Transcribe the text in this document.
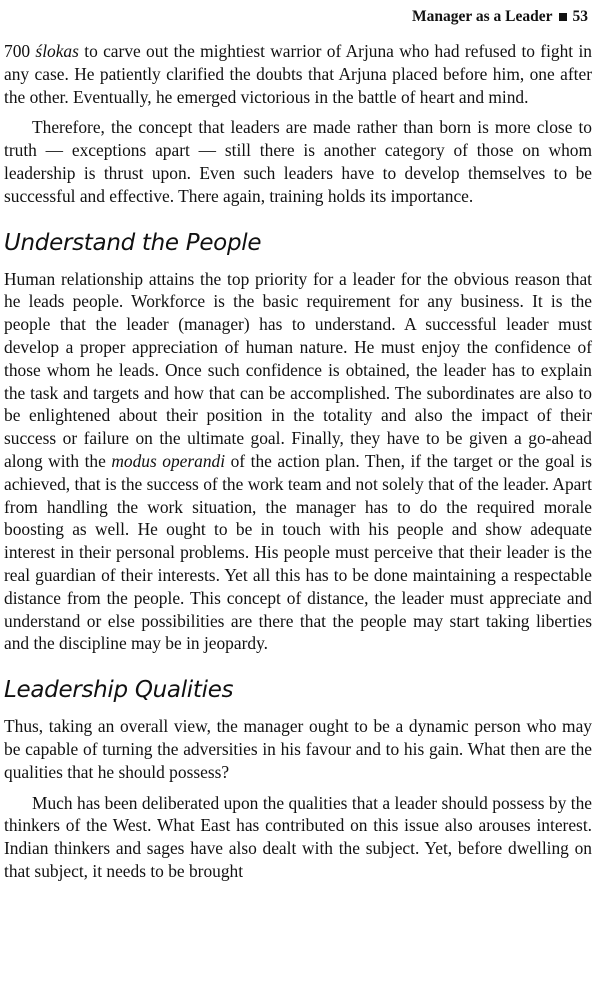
Manager as a Leader 53

700 ślokas to carve out the mightiest warrior of Arjuna who had refused to fight in any case. He patiently clarified the doubts that Arjuna placed before him, one after the other. Eventually, he emerged victorious in the battle of heart and mind.

Therefore, the concept that leaders are made rather than born is more close to truth — exceptions apart — still there is another category of those on whom leadership is thrust upon. Even such leaders have to develop themselves to be successful and effective. There again, training holds its importance.

Understand the People

Human relationship attains the top priority for a leader for the obvious reason that he leads people. Workforce is the basic requirement for any business. It is the people that the leader (manager) has to understand. A successful leader must develop a proper appreciation of human nature. He must enjoy the confidence of those whom he leads. Once such confidence is obtained, the leader has to explain the task and targets and how that can be accomplished. The subordinates are also to be enlightened about their position in the totality and also the impact of their success or failure on the ultimate goal. Finally, they have to be given a go-ahead along with the modus operandi of the action plan. Then, if the target or the goal is achieved, that is the success of the work team and not solely that of the leader. Apart from handling the work situation, the manager has to do the required morale boosting as well. He ought to be in touch with his people and show adequate interest in their personal problems. His people must perceive that their leader is the real guardian of their interests. Yet all this has to be done maintaining a respectable distance from the people. This concept of distance, the leader must appreciate and understand or else possibilities are there that the people may start taking liberties and the discipline may be in jeopardy.

Leadership Qualities

Thus, taking an overall view, the manager ought to be a dynamic person who may be capable of turning the adversities in his favour and to his gain. What then are the qualities that he should possess?

Much has been deliberated upon the qualities that a leader should possess by the thinkers of the West. What East has contributed on this issue also arouses interest. Indian thinkers and sages have also dealt with the subject. Yet, before dwelling on that subject, it needs to be brought
